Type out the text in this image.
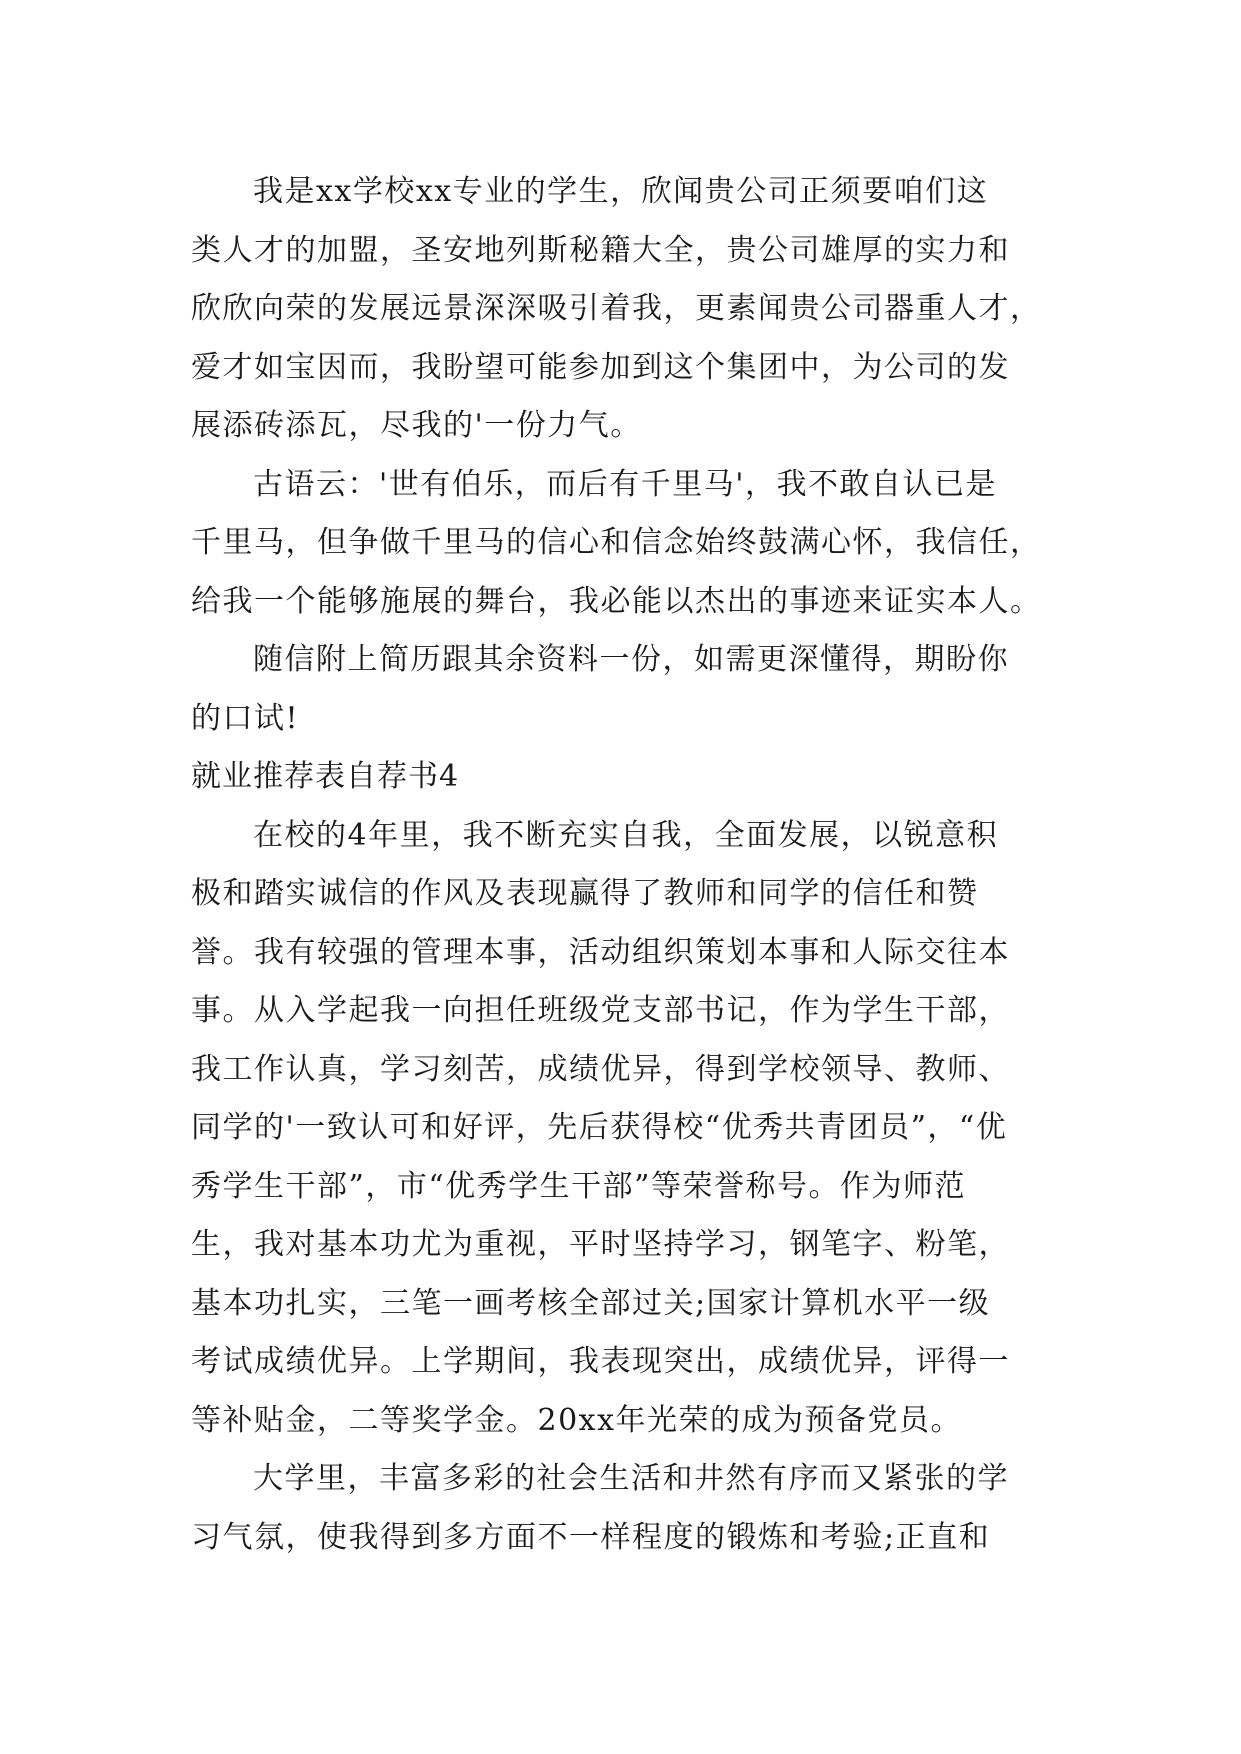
我是xx学校xx专业的学生，欣闻贵公司正须要咱们这
类人才的加盟，圣安地列斯秘籍大全，贵公司雄厚的实力和
欣欣向荣的发展远景深深吸引着我，更素闻贵公司器重人才，
爱才如宝因而，我盼望可能参加到这个集团中，为公司的发
展添砖添瓦，尽我的'一份力气。
古语云：'世有伯乐，而后有千里马'，我不敢自认已是
千里马，但争做千里马的信心和信念始终鼓满心怀，我信任，
给我一个能够施展的舞台，我必能以杰出的事迹来证实本人。
随信附上简历跟其余资料一份，如需更深懂得，期盼你
的口试!
就业推荐表自荐书4
在校的4年里，我不断充实自我，全面发展，以锐意积
极和踏实诚信的作风及表现赢得了教师和同学的信任和赞
誉。我有较强的管理本事，活动组织策划本事和人际交往本
事。从入学起我一向担任班级党支部书记，作为学生干部，
我工作认真，学习刻苦，成绩优异，得到学校领导、教师、
同学的'一致认可和好评，先后获得校“优秀共青团员”，“优
秀学生干部”，市“优秀学生干部”等荣誉称号。作为师范
生，我对基本功尤为重视，平时坚持学习，钢笔字、粉笔，
基本功扎实，三笔一画考核全部过关;国家计算机水平一级
考试成绩优异。上学期间，我表现突出，成绩优异，评得一
等补贴金，二等奖学金。20xx年光荣的成为预备党员。
大学里，丰富多彩的社会生活和井然有序而又紧张的学
习气氛，使我得到多方面不一样程度的锻炼和考验;正直和
